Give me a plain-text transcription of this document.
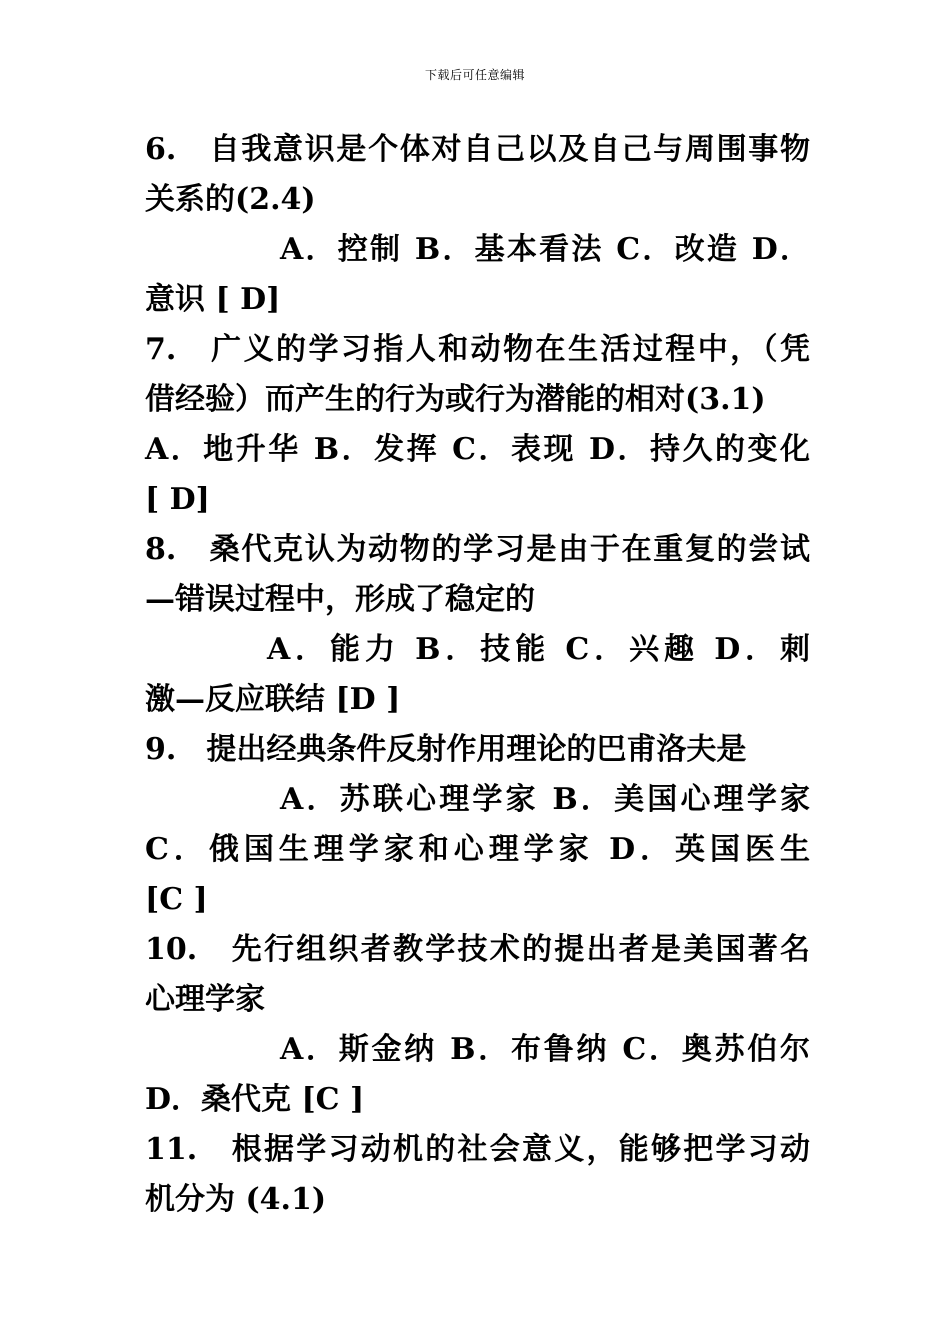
下载后可任意编辑
6.　自我意识是个体对自己以及自己与周围事物
关系的(2.4)
A．控制 B．基本看法 C．改造 D．
意识 [ D]
7.　广义的学习指人和动物在生活过程中，（凭
借经验）而产生的行为或行为潜能的相对(3.1)
A．地升华 B．发挥 C．表现 D．持久的变化
[ D]
8.　桑代克认为动物的学习是由于在重复的尝试
—错误过程中，形成了稳定的
A．能力 B．技能 C．兴趣 D．刺
激—反应联结 [D ]
9.　提出经典条件反射作用理论的巴甫洛夫是
A．苏联心理学家 B．美国心理学家
C．俄国生理学家和心理学家 D．英国医生
[C ]
10.　先行组织者教学技术的提出者是美国著名
心理学家
A．斯金纳 B．布鲁纳 C．奥苏伯尔
D．桑代克 [C ]
11.　根据学习动机的社会意义，能够把学习动
机分为 (4.1)
